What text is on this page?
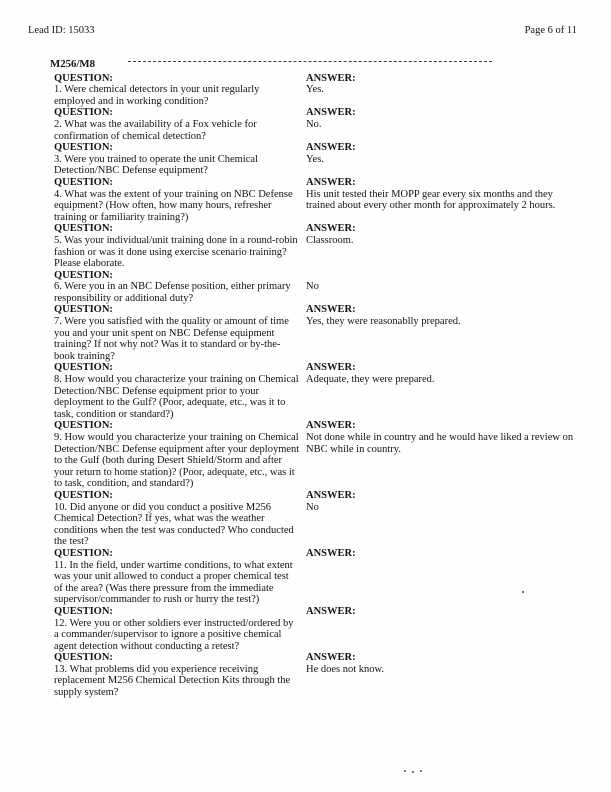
Lead ID: 15033	Page 6 of 11
M256/M8
QUESTION:	ANSWER:
1. Were chemical detectors in your unit regularly employed and in working condition?
Yes.
QUESTION:	ANSWER:
2. What was the availability of a Fox vehicle for confirmation of chemical detection?
No.
QUESTION:	ANSWER:
3. Were you trained to operate the unit Chemical Detection/NBC Defense equipment?
Yes.
QUESTION:	ANSWER:
4. What was the extent of your training on NBC Defense equipment? (How often, how many hours, refresher training or familiarity training?)
His unit tested their MOPP gear every six months and they trained about every other month for approximately 2 hours.
QUESTION:	ANSWER:
5. Was your individual/unit training done in a round-robin fashion or was it done using exercise scenario training? Please elaborate.
Classroom.
QUESTION:
6. Were you in an NBC Defense position, either primary responsibility or additional duty?
No
QUESTION:	ANSWER:
7. Were you satisfied with the quality or amount of time you and your unit spent on NBC Defense equipment training? If not why not? Was it to standard or by-the-book training?
Yes, they were reasonablly prepared.
QUESTION:	ANSWER:
8. How would you characterize your training on Chemical Detection/NBC Defense equipment prior to your deployment to the Gulf? (Poor, adequate, etc., was it to task, condition or standard?)
Adequate, they were prepared.
QUESTION:	ANSWER:
9. How would you characterize your training on Chemical Detection/NBC Defense equipment after your deployment to the Gulf (both during Desert Shield/Storm and after your return to home station)? (Poor, adequate, etc., was it to task, condition, and standard?)
Not done while in country and he would have liked a review on NBC while in country.
QUESTION:	ANSWER:
10. Did anyone or did you conduct a positive M256 Chemical Detection? If yes, what was the weather conditions when the test was conducted? Who conducted the test?
No
QUESTION:	ANSWER:
11. In the field, under wartime conditions, to what extent was your unit allowed to conduct a proper chemical test of the area? (Was there pressure from the immediate supervisor/commander to rush or hurry the test?)
QUESTION:	ANSWER:
12. Were you or other soldiers ever instructed/ordered by a commander/supervisor to ignore a positive chemical agent detection without conducting a retest?
QUESTION:	ANSWER:
13. What problems did you experience receiving replacement M256 Chemical Detection Kits through the supply system?
He does not know.
